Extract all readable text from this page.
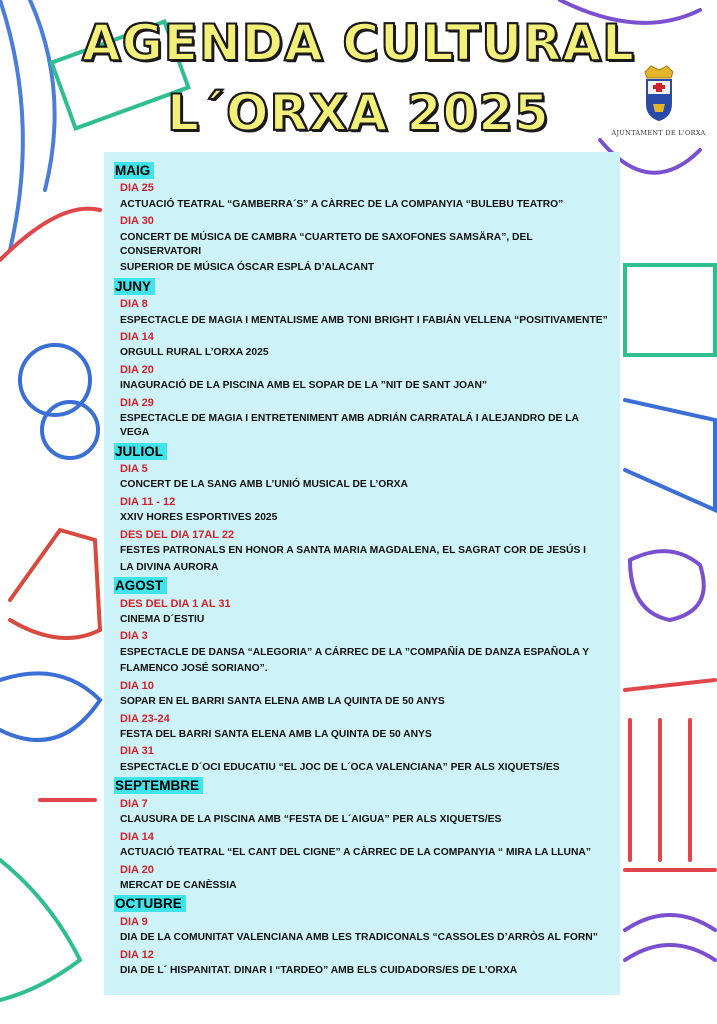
AGENDA CULTURAL
L´ORXA 2025	AJUNTAMENT DE L'ORXA
MAIG
DIA 25
ACTUACIÓ TEATRAL “GAMBERRA´S” A CÀRREC DE LA COMPANYIA “BULEBU TEATRO”
DIA 30
CONCERT DE MÚSICA DE CAMBRA “CUARTETO DE SAXOFONES SAMSÄRA”, DEL CONSERVATORI
SUPERIOR DE MÚSICA ÓSCAR ESPLÁ D’ALACANT
JUNY
DIA 8
ESPECTACLE DE MAGIA I MENTALISME AMB TONI BRIGHT I FABIÁN VELLENA “POSITIVAMENTE”
DIA 14
ORGULL RURAL L’ORXA 2025
DIA 20
INAGURACIÓ DE LA PISCINA AMB EL SOPAR DE LA ”NIT DE SANT JOAN”
DIA 29
ESPECTACLE DE MAGIA I ENTRETENIMENT AMB ADRIÁN CARRATALÁ I ALEJANDRO DE LA VEGA
JULIOL
DIA 5
CONCERT DE LA SANG AMB L’UNIÓ MUSICAL DE L’ORXA
DIA 11 - 12
XXIV HORES ESPORTIVES 2025
DES DEL DIA 17AL 22
FESTES PATRONALS EN HONOR A SANTA MARIA MAGDALENA, EL SAGRAT COR DE JESÚS I
LA DIVINA AURORA
AGOST
DES DEL DIA 1 AL 31
CINEMA D´ESTIU
DIA 3
ESPECTACLE DE DANSA “ALEGORIA” A CÁRREC DE LA ”COMPAÑÍA DE DANZA ESPAÑOLA Y
FLAMENCO JOSÉ SORIANO”.
DIA 10
SOPAR EN EL BARRI SANTA ELENA AMB LA QUINTA DE 50 ANYS
DIA 23-24
FESTA DEL BARRI SANTA ELENA AMB LA QUINTA DE 50 ANYS
DIA 31
ESPECTACLE D´OCI EDUCATIU “EL JOC DE L´OCA VALENCIANA” PER ALS XIQUETS/ES
SEPTEMBRE
DIA 7
CLAUSURA DE LA PISCINA AMB “FESTA DE L´AIGUA” PER ALS XIQUETS/ES
DIA 14
ACTUACIÓ TEATRAL “EL CANT DEL CIGNE” A CÀRREC DE LA COMPANYIA “ MIRA LA LLUNA”
DIA 20
MERCAT DE CANÈSSIA
OCTUBRE
DIA 9
DIA DE LA COMUNITAT VALENCIANA AMB LES TRADICONALS “CASSOLES D’ARRÒS AL FORN”
DIA 12
DIA DE L´ HISPANITAT. DINAR I “TARDEO” AMB ELS CUIDADORS/ES DE L’ORXA
